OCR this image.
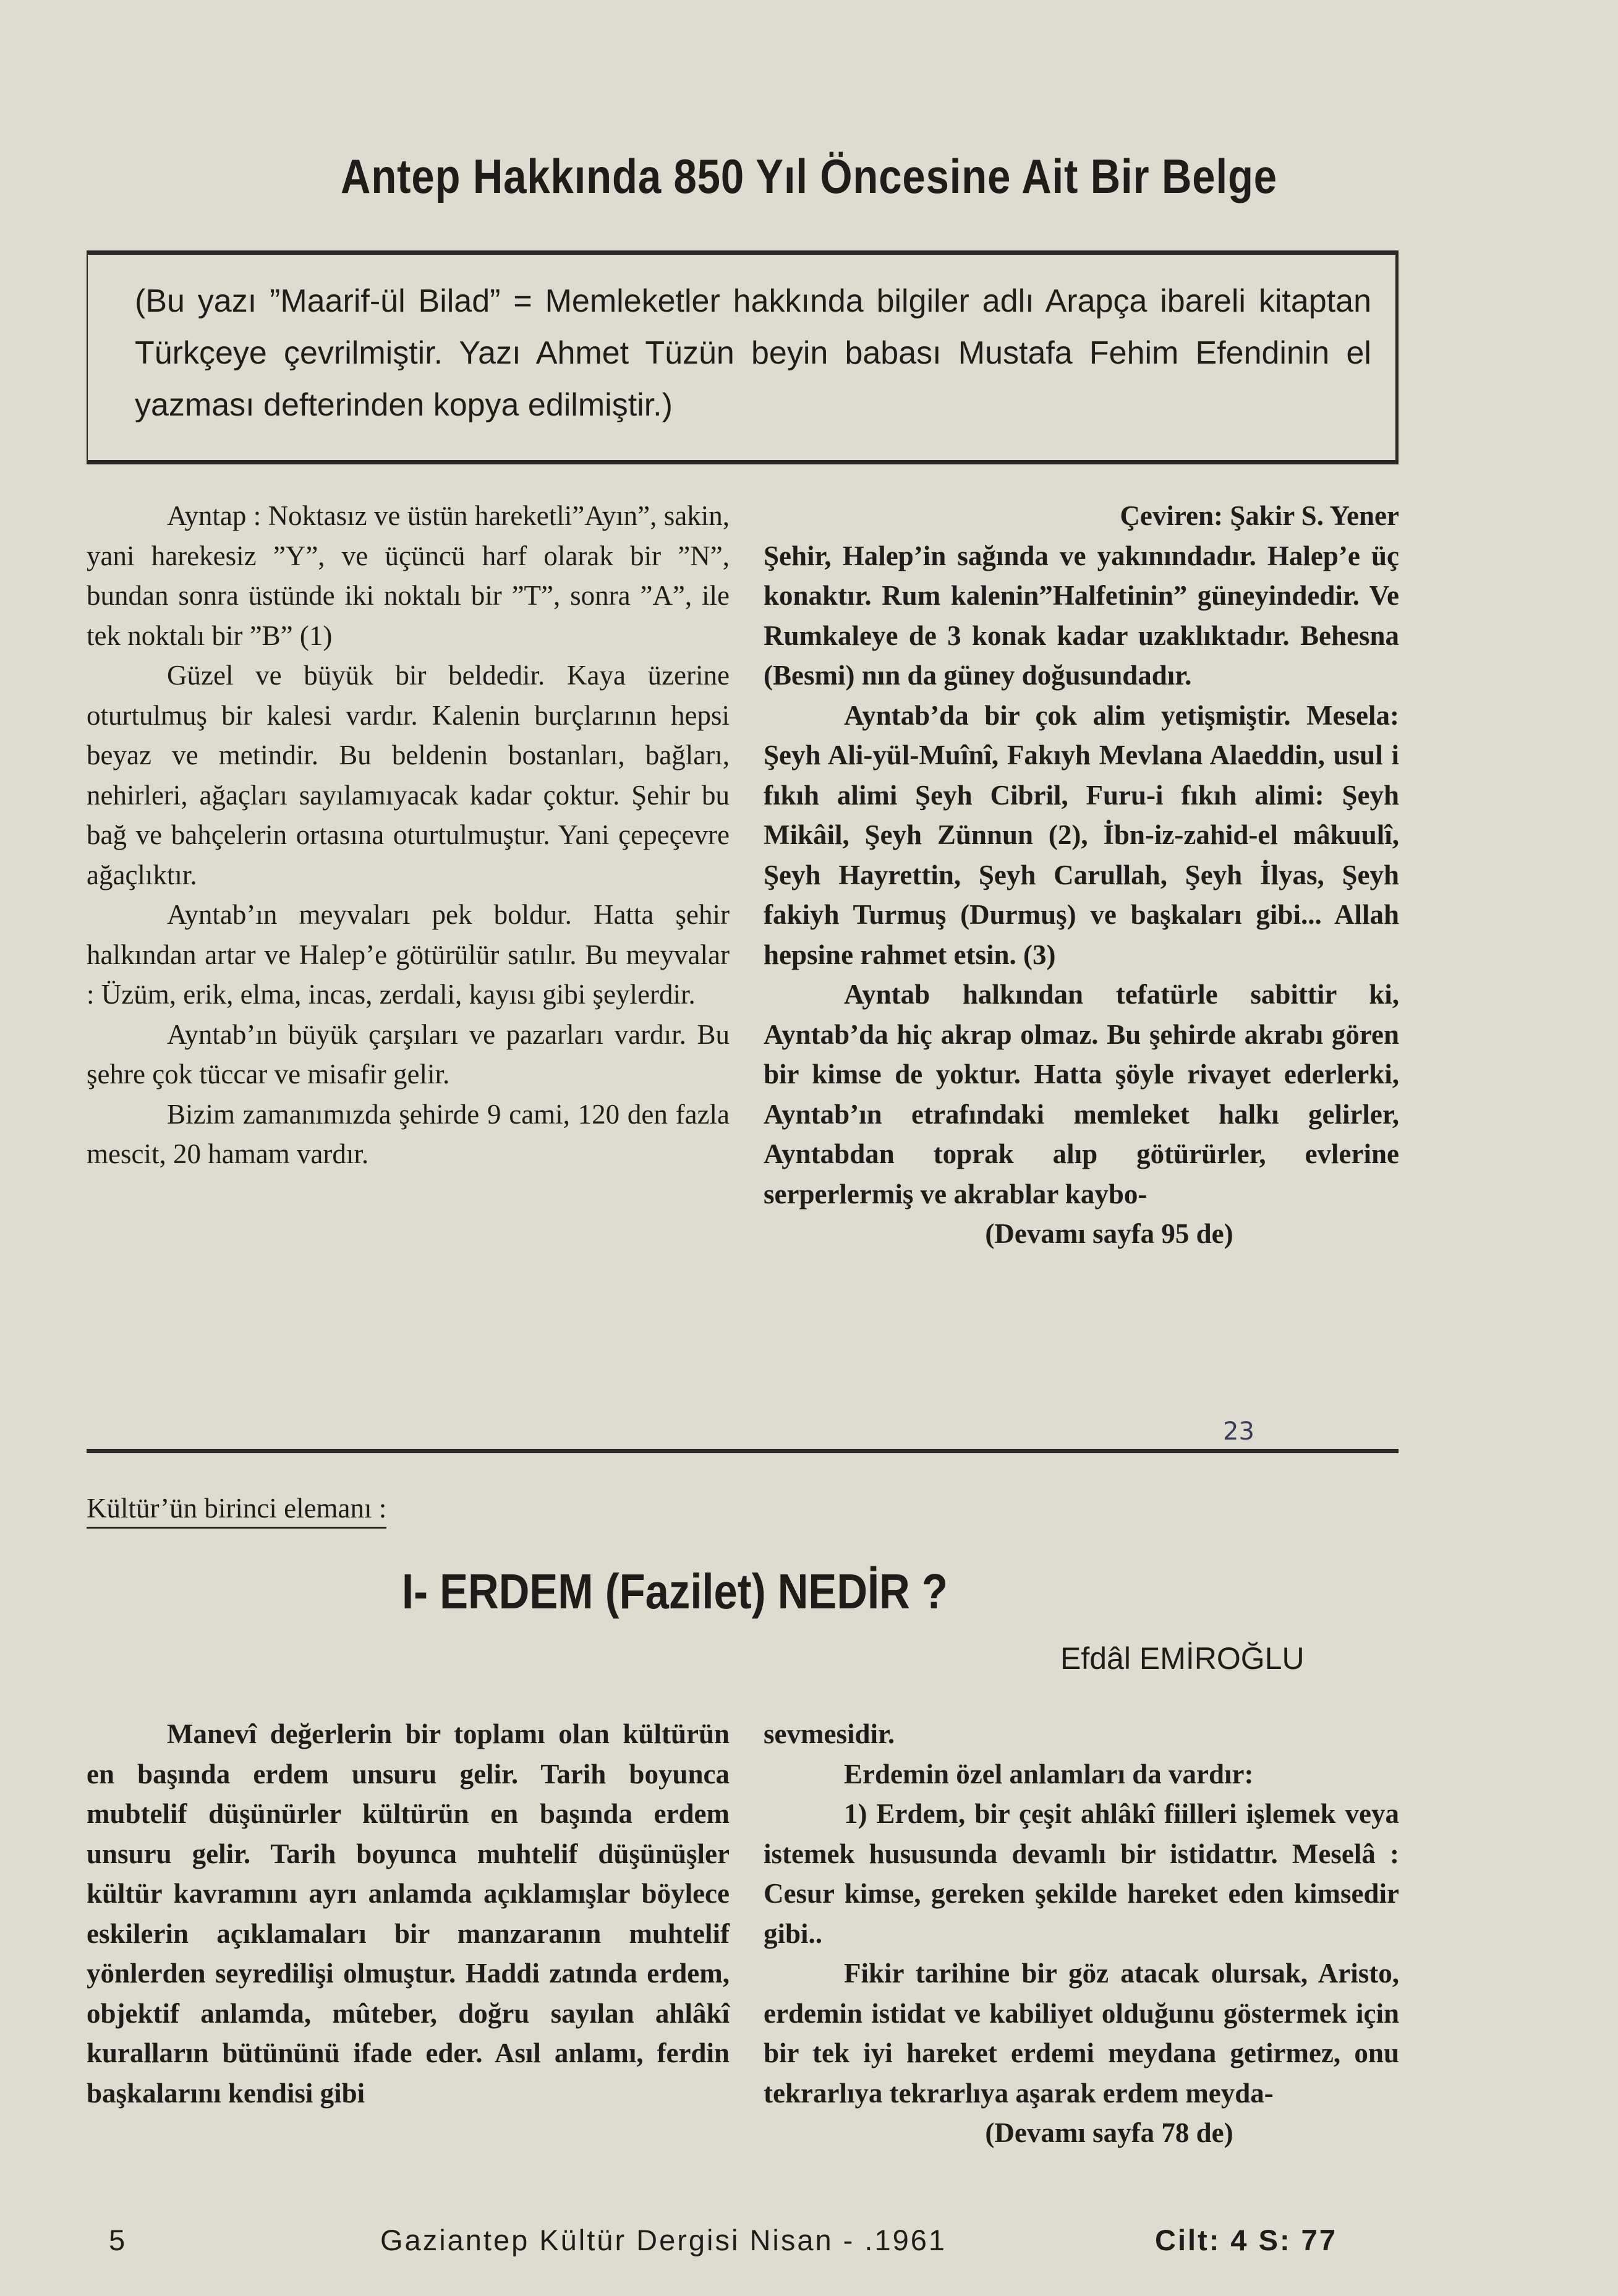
Antep Hakkında 850 Yıl Öncesine Ait Bir Belge
(Bu yazı ”Maarif-ül Bilad” = Memleketler hakkında bilgiler adlı Arapça ibareli kitaptan Türkçeye çevrilmiştir. Yazı Ahmet Tüzün beyin babası Mustafa Fehim Efendinin el yazması defterinden kopya edilmiştir.)

Ayntap : Noktasız ve üstün hareketli”Ayın”, sakin, yani harekesiz ”Y”, ve üçüncü harf olarak bir ”N”, bundan sonra üstünde iki noktalı bir ”T”, sonra ”A”, ile tek noktalı bir ”B” (1)

Güzel ve büyük bir beldedir. Kaya üzerine oturtulmuş bir kalesi vardır. Kalenin burçlarının hepsi beyaz ve metindir. Bu beldenin bostanları, bağları, nehirleri, ağaçları sayılamıyacak kadar çoktur. Şehir bu bağ ve bahçelerin ortasına oturtulmuştur. Yani çepeçevre ağaçlıktır.

Ayntab’ın meyvaları pek boldur. Hatta şehir halkından artar ve Halep’e götürülür satılır. Bu meyvalar : Üzüm, erik, elma, incas, zerdali, kayısı gibi şeylerdir.

Ayntab’ın büyük çarşıları ve pazarları vardır. Bu şehre çok tüccar ve misafir gelir.

Bizim zamanımızda şehirde 9 cami, 120 den fazla mescit, 20 hamam vardır.

Çeviren: Şakir S. Yener

Şehir, Halep’in sağında ve yakınındadır. Halep’e üç konaktır. Rum kalenin”Halfetinin” güneyindedir. Ve Rumkaleye de 3 konak kadar uzaklıktadır. Behesna (Besmi) nın da güney doğusundadır.

Ayntab’da bir çok alim yetişmiştir. Mesela: Şeyh Ali-yül-Muînî, Fakıyh Mevlana Alaeddin, usul i fıkıh alimi Şeyh Cibril, Furu-i fıkıh alimi: Şeyh Mikâil, Şeyh Zünnun (2), İbn-iz-zahid-el mâkuulî, Şeyh Hayrettin, Şeyh Carullah, Şeyh İlyas, Şeyh fakiyh Turmuş (Durmuş) ve başkaları gibi... Allah hepsine rahmet etsin. (3)

Ayntab halkından tefatürle sabittir ki, Ayntab’da hiç akrap olmaz. Bu şehirde akrabı gören bir kimse de yoktur. Hatta şöyle rivayet ederlerki, Ayntab’ın etrafındaki memleket halkı gelirler, Ayntabdan toprak alıp götürürler, evlerine serperlermiş ve akrablar kaybo-

(Devamı sayfa 95 de)

23
Kültür’ün birinci elemanı :
I- ERDEM (Fazilet) NEDİR ?
Efdâl EMİROĞLU

Manevî değerlerin bir toplamı olan kültürün en başında erdem unsuru gelir. Tarih boyunca mubtelif düşünürler kültürün en başında erdem unsuru gelir. Tarih boyunca muhtelif düşünüşler kültür kavramını ayrı anlamda açıklamışlar böylece eskilerin açıklamaları bir manzaranın muhtelif yönlerden seyredilişi olmuştur. Haddi zatında erdem, objektif anlamda, mûteber, doğru sayılan ahlâkî kuralların bütününü ifade eder. Asıl anlamı, ferdin başkalarını kendisi gibi

sevmesidir.

Erdemin özel anlamları da vardır:

1) Erdem, bir çeşit ahlâkî fiilleri işlemek veya istemek hususunda devamlı bir istidattır. Meselâ : Cesur kimse, gereken şekilde hareket eden kimsedir gibi..

Fikir tarihine bir göz atacak olursak, Aristo, erdemin istidat ve kabiliyet olduğunu göstermek için bir tek iyi hareket erdemi meydana getirmez, onu tekrarlıya tekrarlıya aşarak erdem meyda-

(Devamı sayfa 78 de)

5	Gaziantep Kültür Dergisi Nisan - .1961	Cilt: 4 S: 77
